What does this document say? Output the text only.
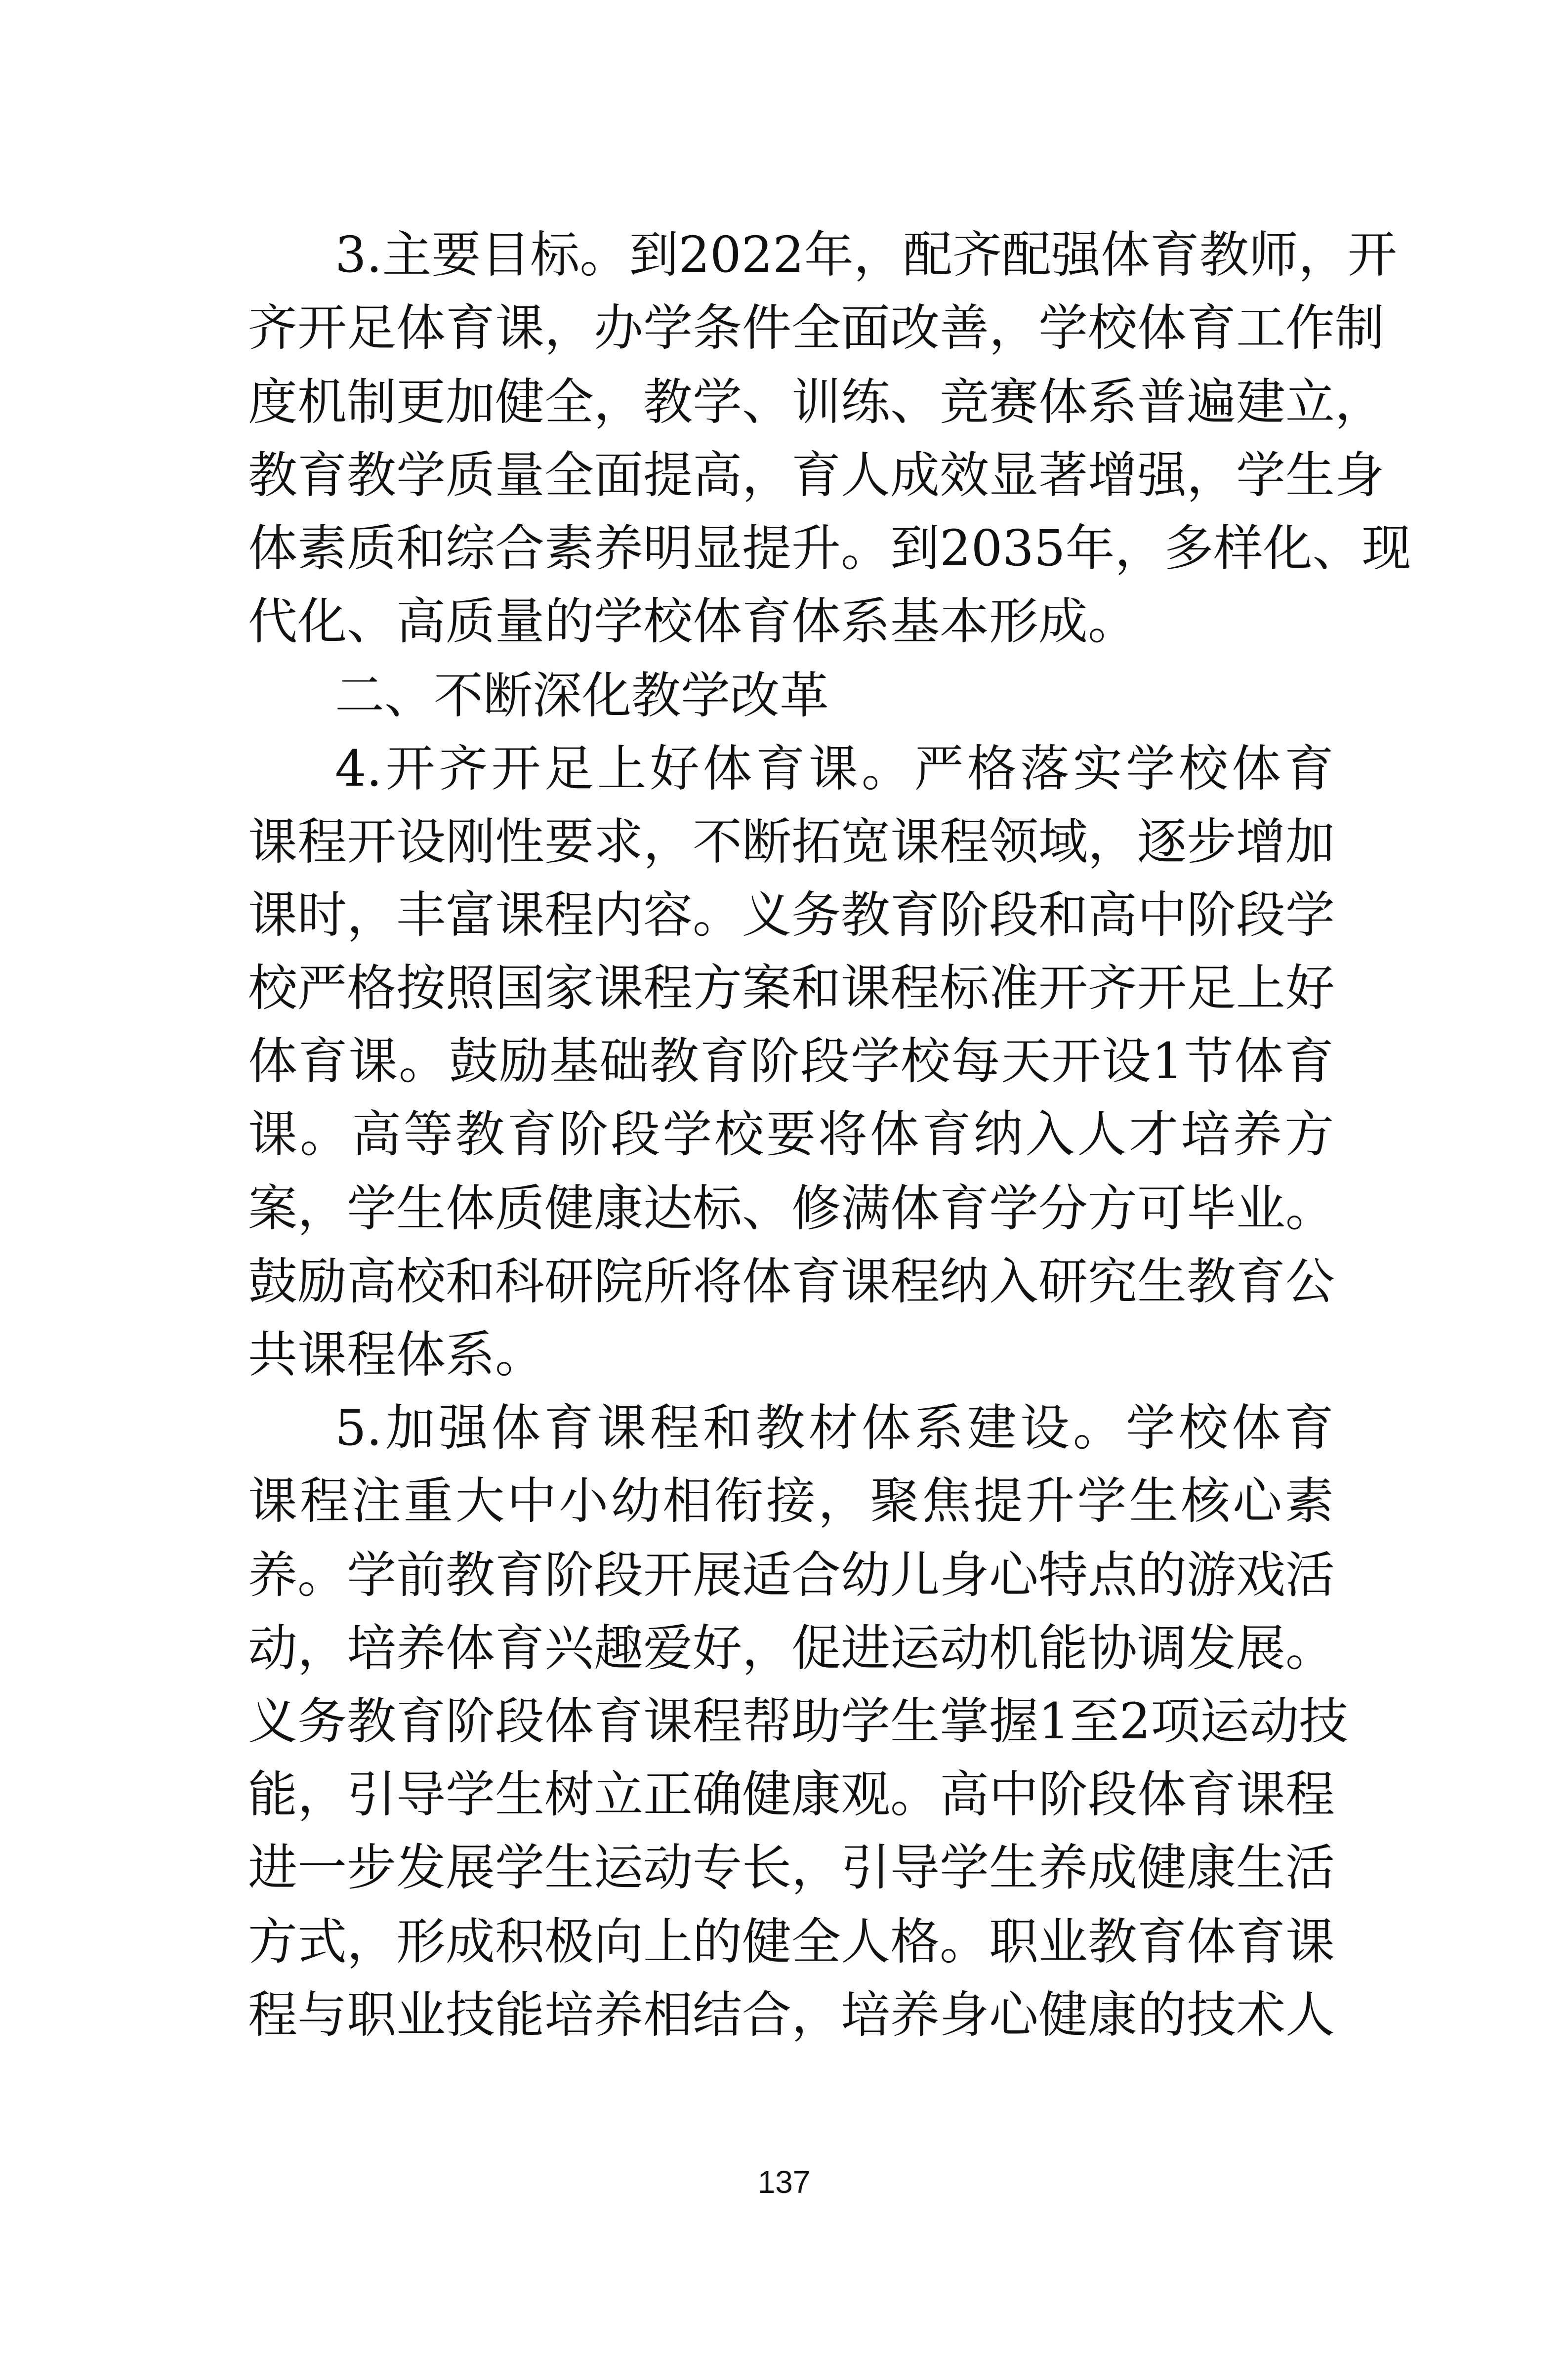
3.主要目标。到2022年，配齐配强体育教师，开
齐开足体育课，办学条件全面改善，学校体育工作制
度机制更加健全，教学、训练、竞赛体系普遍建立，
教育教学质量全面提高，育人成效显著增强，学生身
体素质和综合素养明显提升。到2035年，多样化、现
代化、高质量的学校体育体系基本形成。
二、不断深化教学改革
4.开齐开足上好体育课。严格落实学校体育
课程开设刚性要求，不断拓宽课程领域，逐步增加
课时，丰富课程内容。义务教育阶段和高中阶段学
校严格按照国家课程方案和课程标准开齐开足上好
体育课。鼓励基础教育阶段学校每天开设1节体育
课。高等教育阶段学校要将体育纳入人才培养方
案，学生体质健康达标、修满体育学分方可毕业。
鼓励高校和科研院所将体育课程纳入研究生教育公
共课程体系。
5.加强体育课程和教材体系建设。学校体育
课程注重大中小幼相衔接，聚焦提升学生核心素
养。学前教育阶段开展适合幼儿身心特点的游戏活
动，培养体育兴趣爱好，促进运动机能协调发展。
义务教育阶段体育课程帮助学生掌握1至2项运动技
能，引导学生树立正确健康观。高中阶段体育课程
进一步发展学生运动专长，引导学生养成健康生活
方式，形成积极向上的健全人格。职业教育体育课
程与职业技能培养相结合，培养身心健康的技术人
137
